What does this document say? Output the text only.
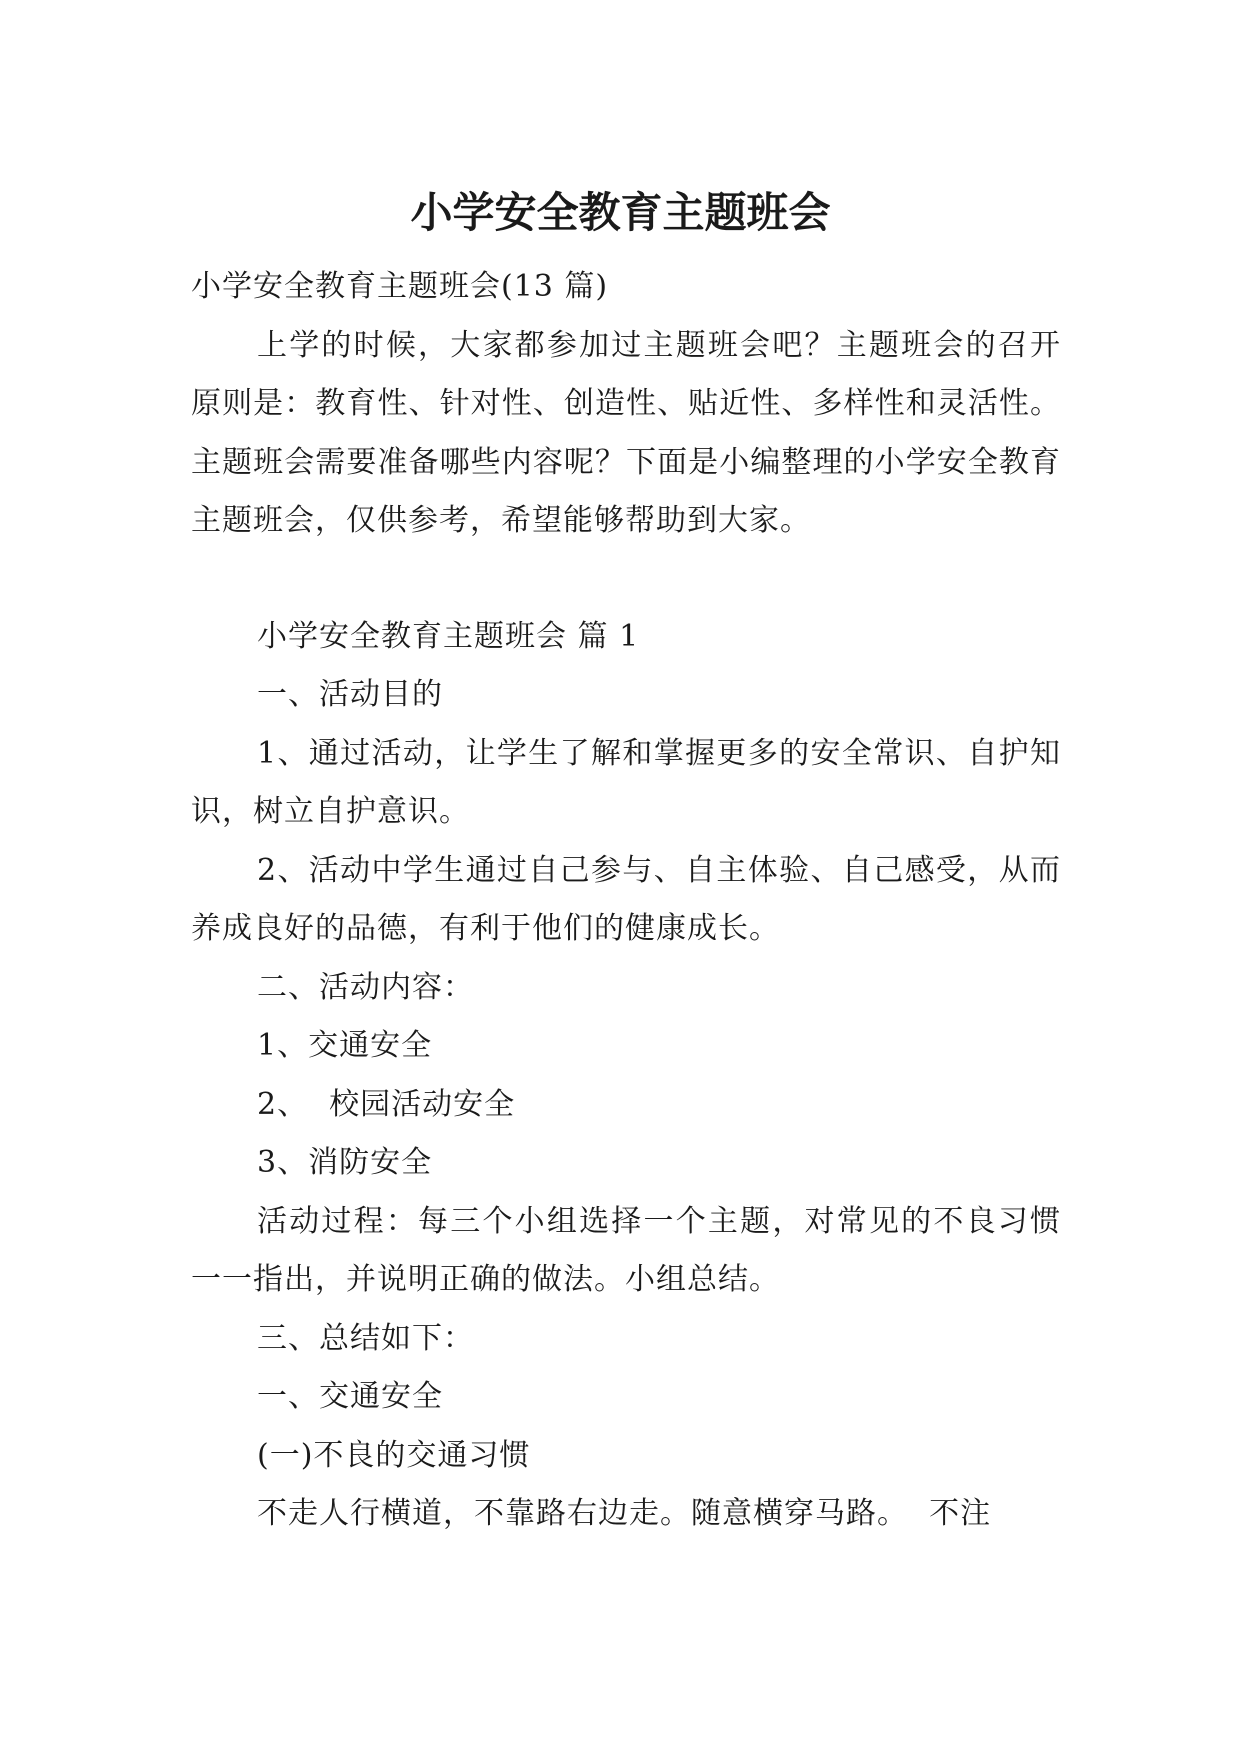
小学安全教育主题班会

小学安全教育主题班会(13 篇)

上学的时候，大家都参加过主题班会吧？主题班会的召开原则是：教育性、针对性、创造性、贴近性、多样性和灵活性。主题班会需要准备哪些内容呢？下面是小编整理的小学安全教育主题班会，仅供参考，希望能够帮助到大家。

小学安全教育主题班会 篇 1

一、活动目的

1、通过活动，让学生了解和掌握更多的安全常识、自护知识，树立自护意识。

2、活动中学生通过自己参与、自主体验、自己感受，从而养成良好的品德，有利于他们的健康成长。

二、活动内容：

1、交通安全

2、  校园活动安全

3、消防安全

活动过程：每三个小组选择一个主题，对常见的不良习惯一一指出，并说明正确的做法。小组总结。

三、总结如下：

一、交通安全

(一)不良的交通习惯

不走人行横道，不靠路右边走。随意横穿马路。  不注
